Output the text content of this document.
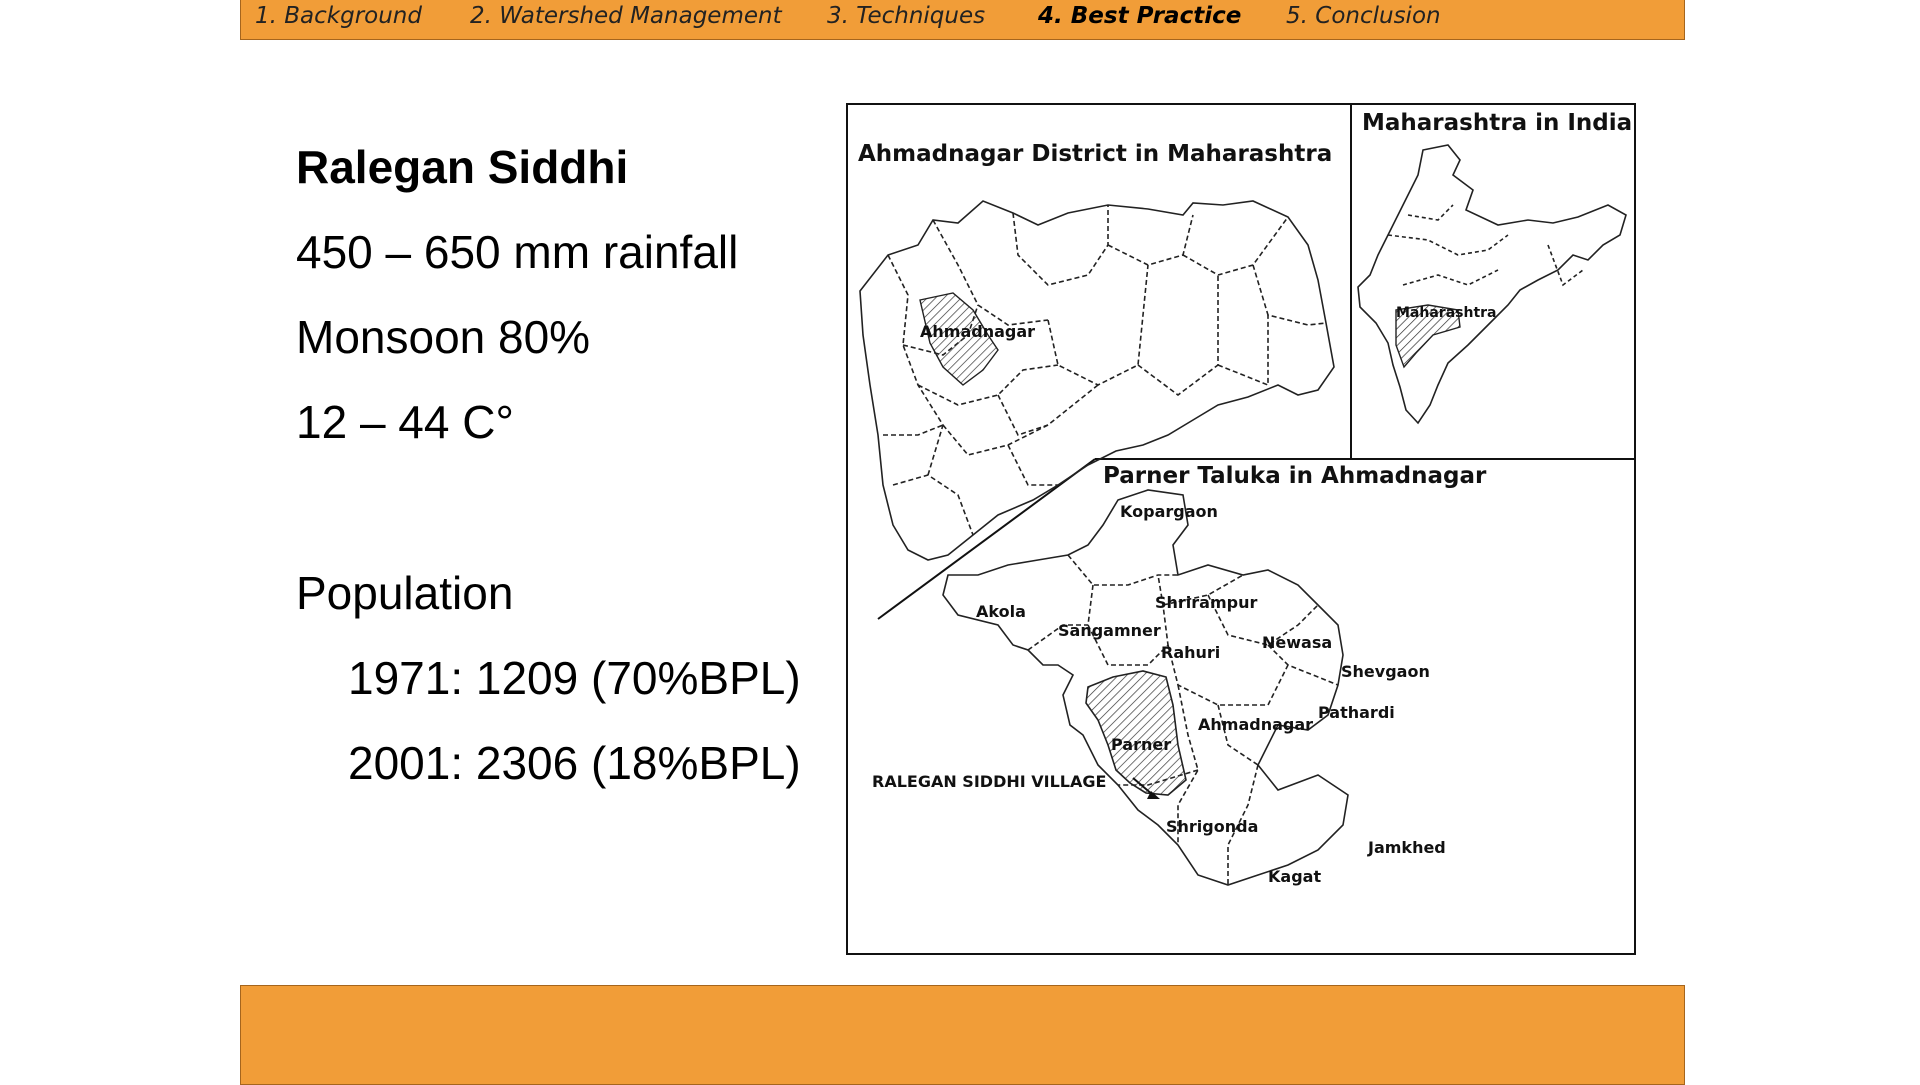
1. Background 2. Watershed Management 3. Techniques 4. Best Practice 5. Conclusion
Ralegan Siddhi
450 – 650 mm rainfall
Monsoon 80%
12 – 44 C°
Population
1971: 1209 (70%BPL)
2001: 2306 (18%BPL)
Ahmadnagar District in Maharashtra
Maharashtra in India
Parner Taluka in Ahmadnagar
Ahmadnagar
Maharashtra
Kopargaon
Shrirampur
Akola
Sangamner
Rahuri
Newasa
Shevgaon
Pathardi
Ahmadnagar
Parner
Shrigonda
Kagat
Jamkhed
RALEGAN SIDDHI VILLAGE
